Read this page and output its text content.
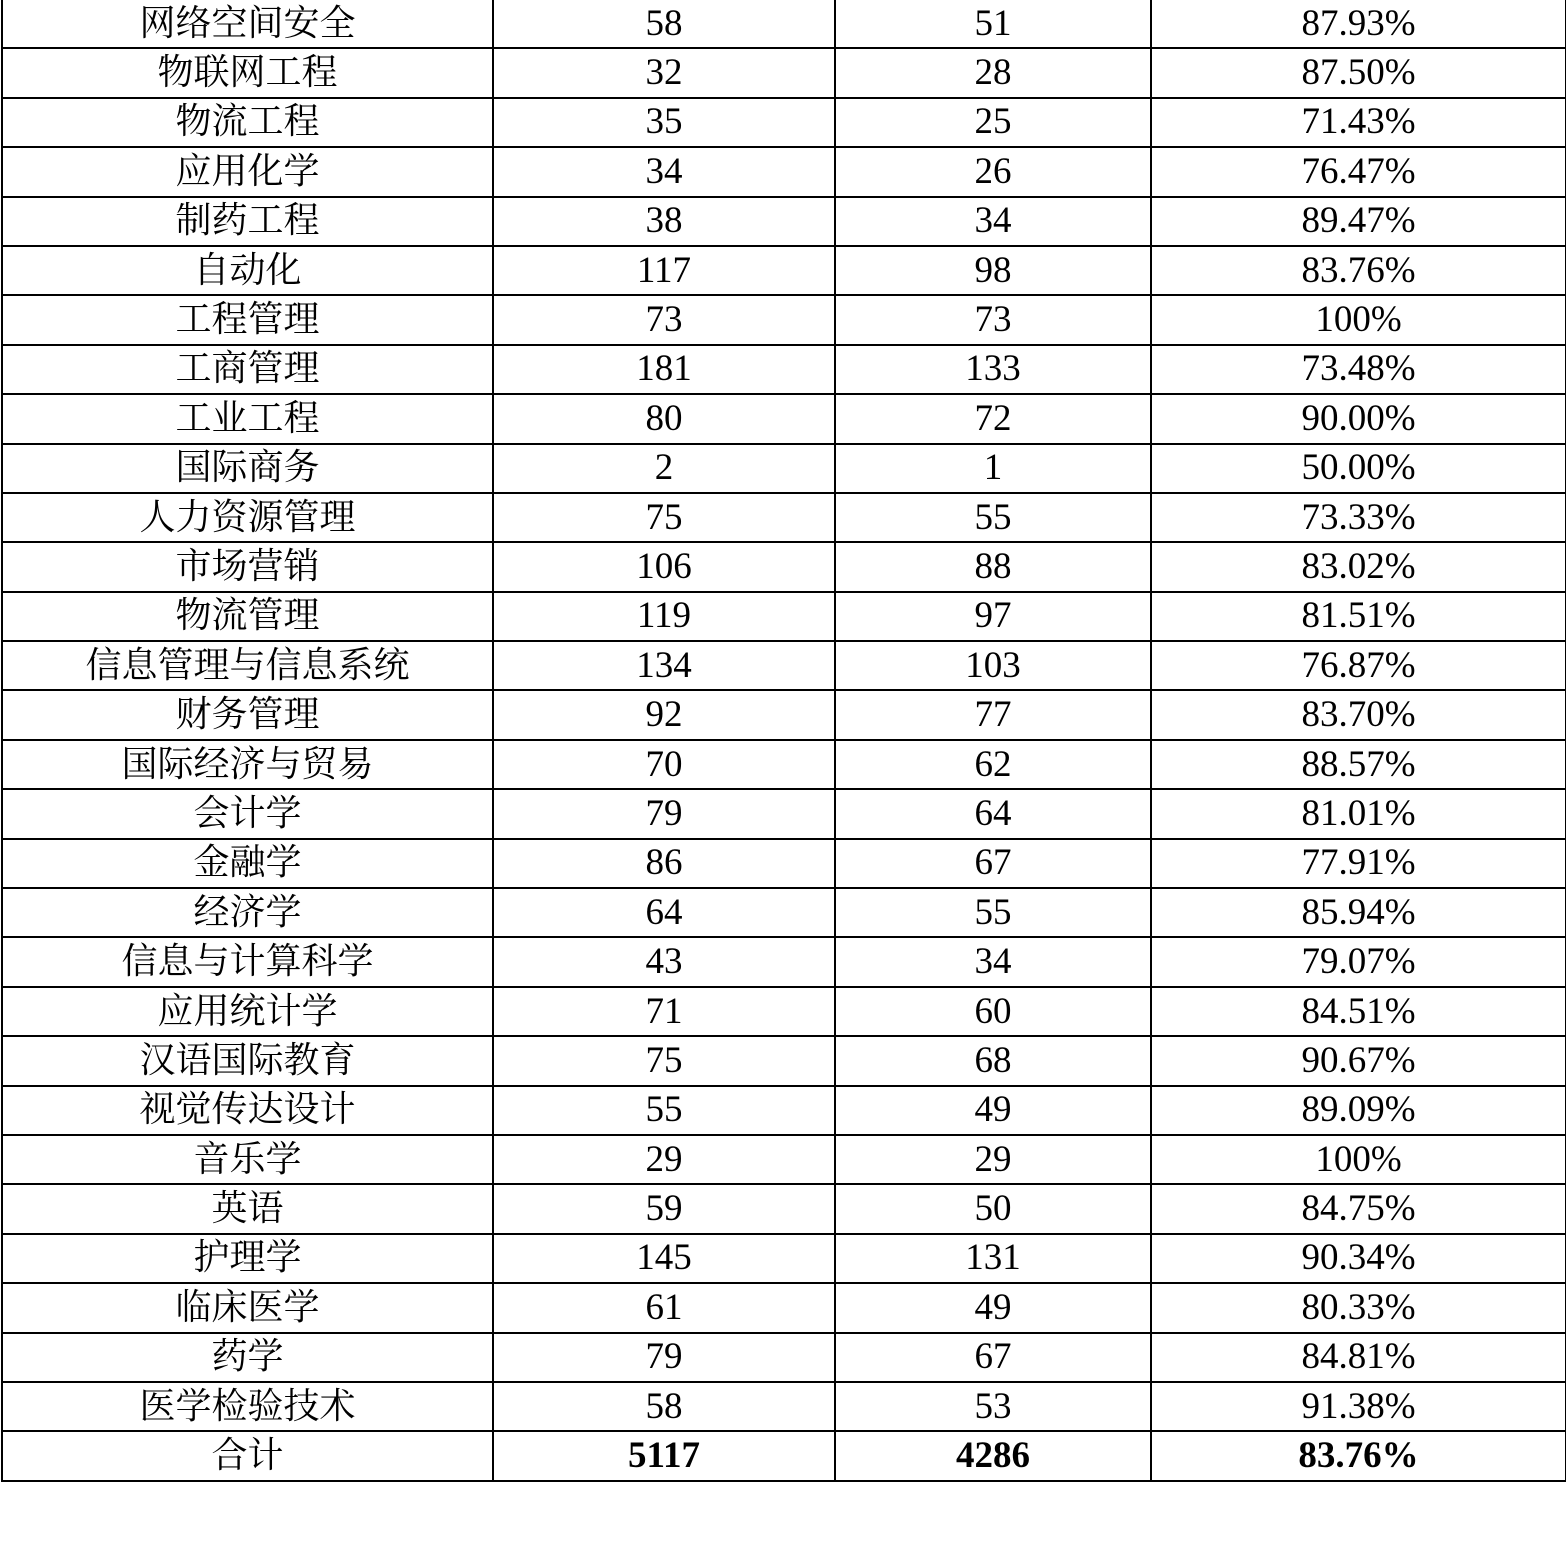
网络空间安全	58	51	87.93%
物联网工程	32	28	87.50%
物流工程	35	25	71.43%
应用化学	34	26	76.47%
制药工程	38	34	89.47%
自动化	117	98	83.76%
工程管理	73	73	100%
工商管理	181	133	73.48%
工业工程	80	72	90.00%
国际商务	2	1	50.00%
人力资源管理	75	55	73.33%
市场营销	106	88	83.02%
物流管理	119	97	81.51%
信息管理与信息系统	134	103	76.87%
财务管理	92	77	83.70%
国际经济与贸易	70	62	88.57%
会计学	79	64	81.01%
金融学	86	67	77.91%
经济学	64	55	85.94%
信息与计算科学	43	34	79.07%
应用统计学	71	60	84.51%
汉语国际教育	75	68	90.67%
视觉传达设计	55	49	89.09%
音乐学	29	29	100%
英语	59	50	84.75%
护理学	145	131	90.34%
临床医学	61	49	80.33%
药学	79	67	84.81%
医学检验技术	58	53	91.38%
合计	5117	4286	83.76%
